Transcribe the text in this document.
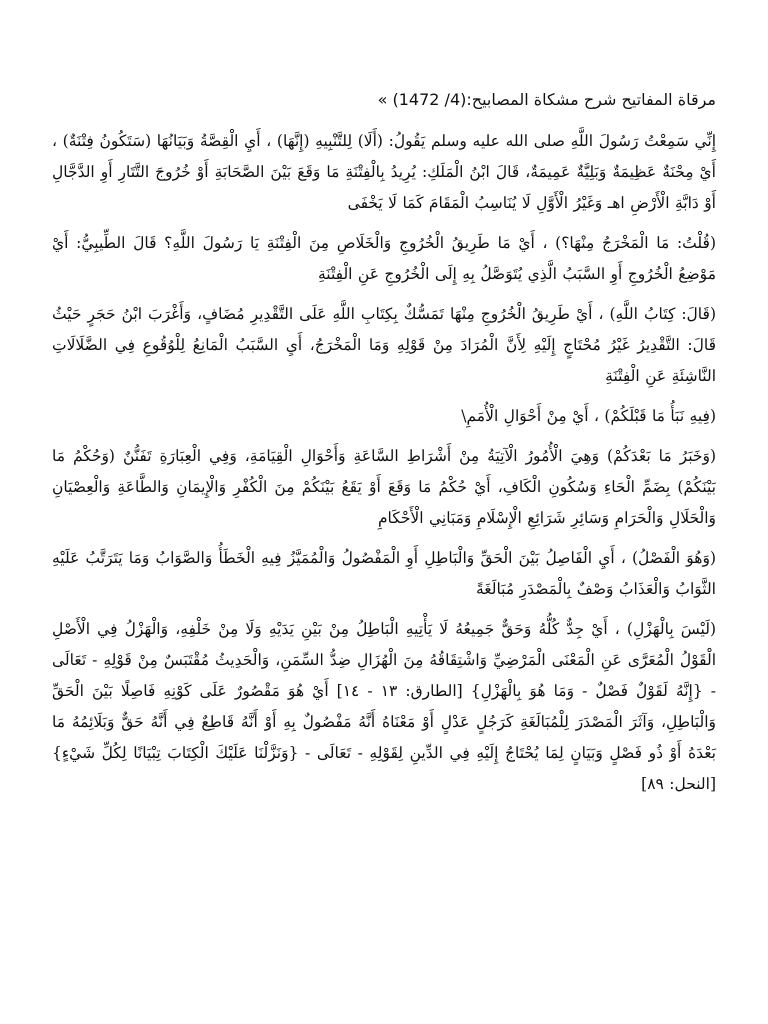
مرقاة المفاتيح شرح مشكاة المصابيح:(4/ 1472) »

إِنِّي سَمِعْتُ رَسُولَ اللَّهِ صلى الله عليه وسلم يَقُولُ: (أَلَا) لِلتَّنْبِيهِ (إِنَّهَا) ، أَيِ الْقِصَّةُ وَبَيَانُهَا (سَتَكُونُ فِتْنَةٌ) ، أَيْ مِحْنَةٌ عَظِيمَةٌ وَبَلِيَّةٌ عَمِيمَةٌ، قَالَ ابْنُ الْمَلَكِ: يُرِيدُ بِالْفِتْنَةِ مَا وَقَعَ بَيْنَ الصَّحَابَةِ أَوْ خُرُوجَ التَّتَارِ أَوِ الدَّجَّالِ أَوْ دَابَّةِ الْأَرْضِ اهـ وَغَيْرُ الْأَوَّلِ لَا يُنَاسِبُ الْمَقَامَ كَمَا لَا يَخْفَى

(قُلْتُ: مَا الْمَخْرَجُ مِنْهَا؟) ، أَيْ مَا طَرِيقُ الْخُرُوجِ وَالْخَلَاصِ مِنَ الْفِتْنَةِ يَا رَسُولَ اللَّهِ؟ قَالَ الطِّيبِيُّ: أَيْ مَوْضِعُ الْخُرُوجِ أَوِ السَّبَبُ الَّذِي يُتَوَصَّلُ بِهِ إِلَى الْخُرُوجِ عَنِ الْفِتْنَةِ

(قَالَ: كِتَابُ اللَّهِ) ، أَيْ طَرِيقُ الْخُرُوجِ مِنْهَا تَمَسُّكٌ بِكِتَابِ اللَّهِ عَلَى التَّقْدِيرِ مُضَافٍ، وَأَغْرَبَ ابْنُ حَجَرٍ حَيْثُ قَالَ: التَّقْدِيرُ غَيْرُ مُحْتَاجٍ إِلَيْهِ لِأَنَّ الْمُرَادَ مِنْ قَوْلِهِ وَمَا الْمَخْرَجُ، أَيِ السَّبَبُ الْمَانِعُ لِلْوُقُوعِ فِي الضَّلَالَاتِ النَّاشِئَةِ عَنِ الْفِتْنَةِ

(فِيهِ نَبَأُ مَا قَبْلَكُمْ) ، أَيْ مِنْ أَحْوَالِ الْأُمَمِ\

(وَخَبَرُ مَا بَعْدَكُمْ) وَهِيَ الْأُمُورُ الْآتِيَةُ مِنْ أَشْرَاطِ السَّاعَةِ وَأَحْوَالِ الْقِيَامَةِ، وَفِي الْعِبَارَةِ تَفَنُّنٌ (وَحُكْمُ مَا بَيْنَكُمْ) بِضَمِّ الْحَاءِ وَسُكُونِ الْكَافِ، أَيْ حُكْمُ مَا وَقَعَ أَوْ يَقَعُ بَيْنَكُمْ مِنَ الْكُفْرِ وَالْإِيمَانِ وَالطَّاعَةِ وَالْعِصْيَانِ وَالْحَلَالِ وَالْحَرَامِ وَسَائِرِ شَرَائِعِ الْإِسْلَامِ وَمَبَانِي الْأَحْكَامِ

(وَهُوَ الْفَصْلُ) ، أَيِ الْفَاصِلُ بَيْنَ الْحَقِّ وَالْبَاطِلِ أَوِ الْمَفْصُولُ وَالْمُمَيَّزُ فِيهِ الْخَطَأُ وَالصَّوَابُ وَمَا يَتَرَتَّبُ عَلَيْهِ الثَّوَابُ وَالْعَذَابُ وَصْفٌ بِالْمَصْدَرِ مُبَالَغَةً

(لَيْسَ بِالْهَزْلِ) ، أَيْ جِدٌّ كُلُّهُ وَحَقٌّ جَمِيعُهُ لَا يَأْتِيهِ الْبَاطِلُ مِنْ بَيْنِ يَدَيْهِ وَلَا مِنْ خَلْفِهِ، وَالْهَزْلُ فِي الْأَصْلِ الْقَوْلُ الْمُعَرَّى عَنِ الْمَعْنَى الْمَرْضِيِّ وَاشْتِقَاقُهُ مِنَ الْهُزَالِ ضِدُّ السِّمَنِ، وَالْحَدِيثُ مُقْتَبَسٌ مِنْ قَوْلِهِ - تَعَالَى - {إِنَّهُ لَقَوْلٌ فَصْلٌ - وَمَا هُوَ بِالْهَزْلِ} [الطارق: ١٣ - ١٤] أَيْ هُوَ مَقْصُورٌ عَلَى كَوْنِهِ فَاصِلًا بَيْنَ الْحَقِّ وَالْبَاطِلِ، وَآثَرَ الْمَصْدَرَ لِلْمُبَالَغَةِ كَرَجُلٍ عَدْلٍ أَوْ مَعْنَاهُ أَنَّهُ مَفْصُولٌ بِهِ أَوْ أَنَّهُ قَاطِعٌ فِي أَنَّهُ حَقٌّ وَبَلَائِمُهُ مَا بَعْدَهُ أَوْ ذُو فَصْلٍ وَبَيَانٍ لِمَا يُحْتَاجُ إِلَيْهِ فِي الدِّينِ لِقَوْلِهِ - تَعَالَى - {وَنَزَّلْنَا عَلَيْكَ الْكِتَابَ تِبْيَانًا لِكُلِّ شَيْءٍ} [النحل: ٨٩]
